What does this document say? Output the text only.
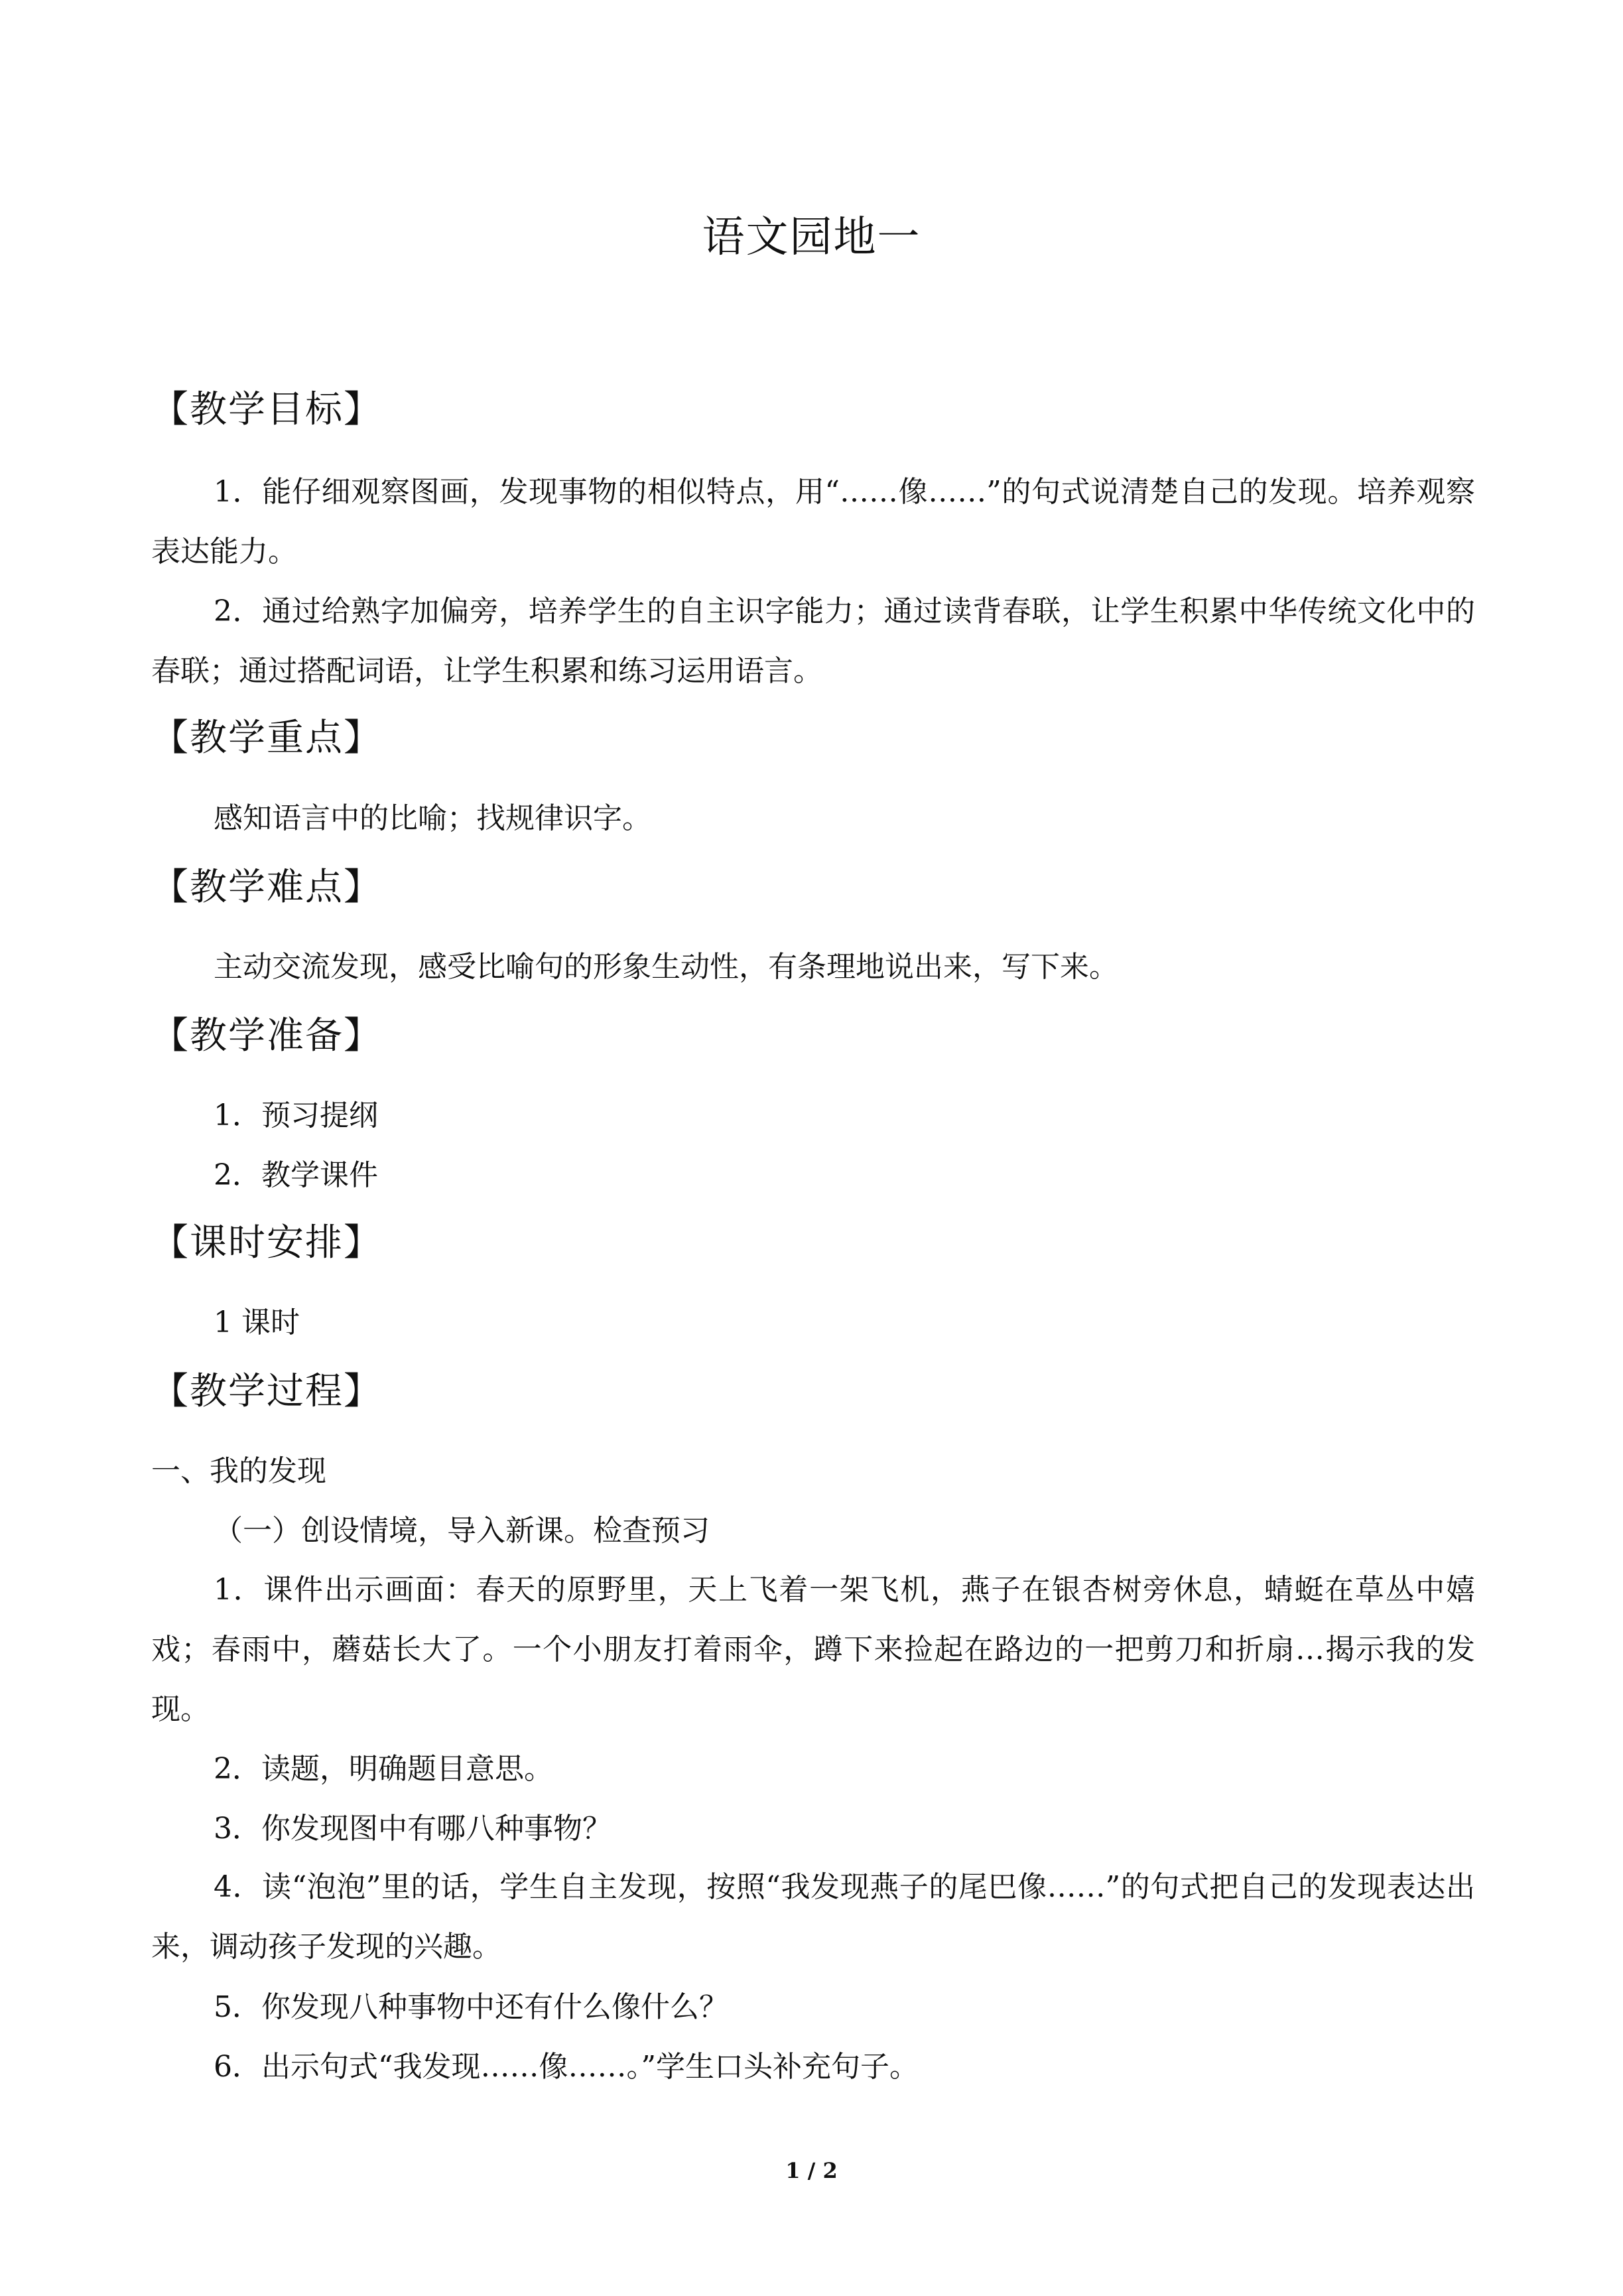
语文园地一
【教学目标】
1．能仔细观察图画，发现事物的相似特点，用“……像……”的句式说清楚自己的发现。培养观察表达能力。
2．通过给熟字加偏旁，培养学生的自主识字能力；通过读背春联，让学生积累中华传统文化中的春联；通过搭配词语，让学生积累和练习运用语言。
【教学重点】
感知语言中的比喻；找规律识字。
【教学难点】
主动交流发现，感受比喻句的形象生动性，有条理地说出来，写下来。
【教学准备】
1．预习提纲
2．教学课件
【课时安排】
1 课时
【教学过程】
一、我的发现
（一）创设情境，导入新课。检查预习
1．课件出示画面：春天的原野里，天上飞着一架飞机，燕子在银杏树旁休息，蜻蜓在草丛中嬉戏；春雨中，蘑菇长大了。一个小朋友打着雨伞，蹲下来捡起在路边的一把剪刀和折扇…揭示我的发现。
2．读题，明确题目意思。
3．你发现图中有哪八种事物？
4．读“泡泡”里的话，学生自主发现，按照“我发现燕子的尾巴像……”的句式把自己的发现表达出来，调动孩子发现的兴趣。
5．你发现八种事物中还有什么像什么？
6．出示句式“我发现……像……。”学生口头补充句子。
1 / 2
